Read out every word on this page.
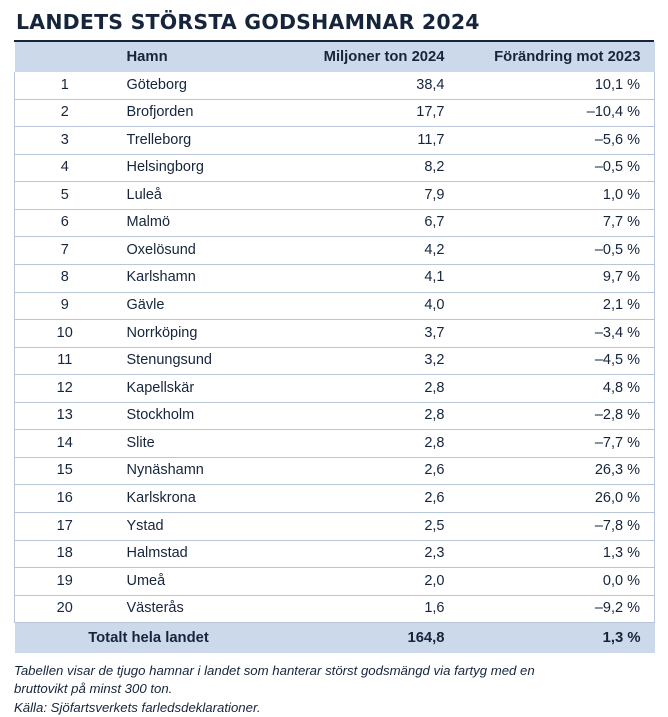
LANDETS STÖRSTA GODSHAMNAR 2024
	Hamn	Miljoner ton 2024	Förändring mot 2023
1	Göteborg	38,4	10,1 %
2	Brofjorden	17,7	–10,4 %
3	Trelleborg	11,7	–5,6 %
4	Helsingborg	8,2	–0,5 %
5	Luleå	7,9	1,0 %
6	Malmö	6,7	7,7 %
7	Oxelösund	4,2	–0,5 %
8	Karlshamn	4,1	9,7 %
9	Gävle	4,0	2,1 %
10	Norrköping	3,7	–3,4 %
11	Stenungsund	3,2	–4,5 %
12	Kapellskär	2,8	4,8 %
13	Stockholm	2,8	–2,8 %
14	Slite	2,8	–7,7 %
15	Nynäshamn	2,6	26,3 %
16	Karlskrona	2,6	26,0 %
17	Ystad	2,5	–7,8 %
18	Halmstad	2,3	1,3 %
19	Umeå	2,0	0,0 %
20	Västerås	1,6	–9,2 %
Totalt hela landet		164,8	1,3 %
Tabellen visar de tjugo hamnar i landet som hanterar störst godsmängd via fartyg med en
bruttovikt på minst 300 ton.
Källa: Sjöfartsverkets farledsdeklarationer.
